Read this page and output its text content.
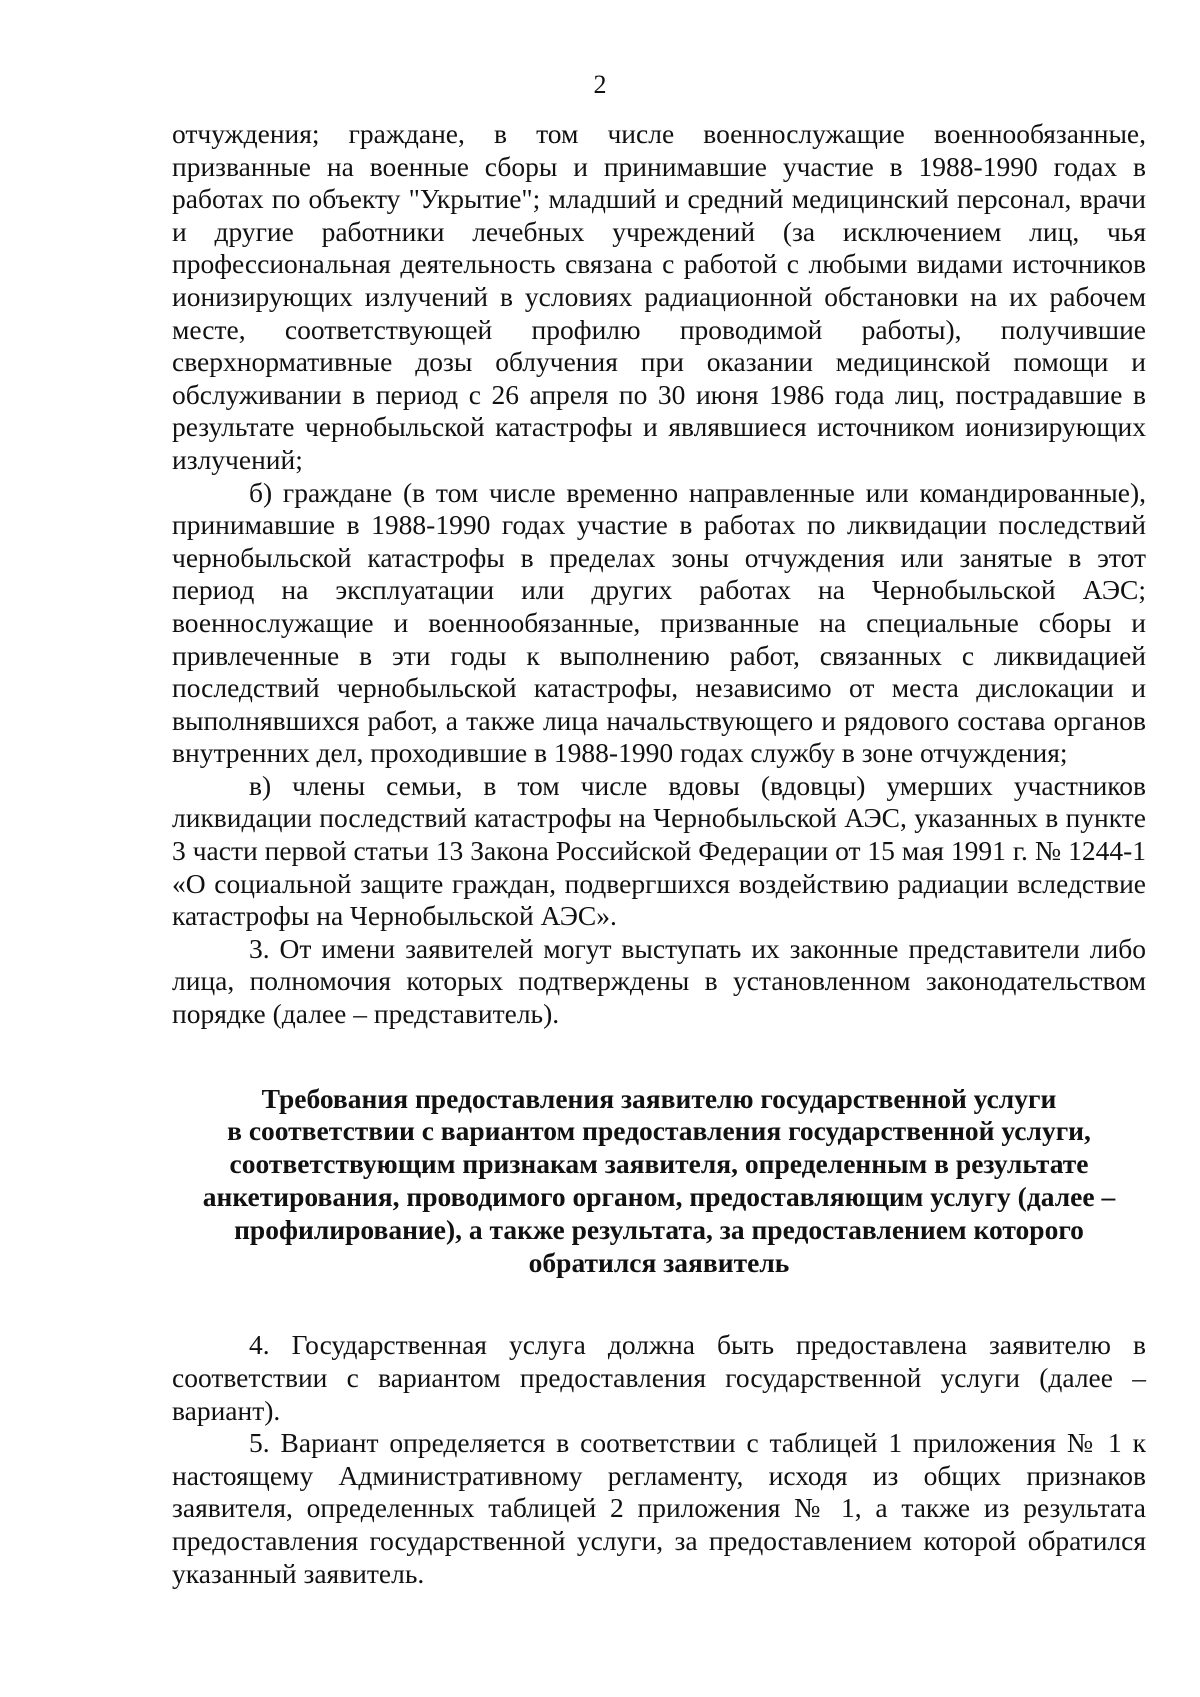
2

отчуждения; граждане, в том числе военнослужащие военнообязанные, призванные на военные сборы и принимавшие участие в 1988-1990 годах в работах по объекту "Укрытие"; младший и средний медицинский персонал, врачи и другие работники лечебных учреждений (за исключением лиц, чья профессиональная деятельность связана с работой с любыми видами источников ионизирующих излучений в условиях радиационной обстановки на их рабочем месте, соответствующей профилю проводимой работы), получившие сверхнормативные дозы облучения при оказании медицинской помощи и обслуживании в период с 26 апреля по 30 июня 1986 года лиц, пострадавшие в результате чернобыльской катастрофы и являвшиеся источником ионизирующих излучений;

б) граждане (в том числе временно направленные или командированные), принимавшие в 1988-1990 годах участие в работах по ликвидации последствий чернобыльской катастрофы в пределах зоны отчуждения или занятые в этот период на эксплуатации или других работах на Чернобыльской АЭС; военнослужащие и военнообязанные, призванные на специальные сборы и привлеченные в эти годы к выполнению работ, связанных с ликвидацией последствий чернобыльской катастрофы, независимо от места дислокации и выполнявшихся работ, а также лица начальствующего и рядового состава органов внутренних дел, проходившие в 1988-1990 годах службу в зоне отчуждения;

в) члены семьи, в том числе вдовы (вдовцы) умерших участников ликвидации последствий катастрофы на Чернобыльской АЭС, указанных в пункте 3 части первой статьи 13 Закона Российской Федерации от 15 мая 1991 г. № 1244-1 «О социальной защите граждан, подвергшихся воздействию радиации вследствие катастрофы на Чернобыльской АЭС».

3. От имени заявителей могут выступать их законные представители либо лица, полномочия которых подтверждены в установленном законодательством порядке (далее – представитель).

Требования предоставления заявителю государственной услуги
в соответствии с вариантом предоставления государственной услуги,
соответствующим признакам заявителя, определенным в результате
анкетирования, проводимого органом, предоставляющим услугу (далее –
профилирование), а также результата, за предоставлением которого
обратился заявитель

4. Государственная услуга должна быть предоставлена заявителю в соответствии с вариантом предоставления государственной услуги (далее – вариант).

5. Вариант определяется в соответствии с таблицей 1 приложения № 1 к настоящему Административному регламенту, исходя из общих признаков заявителя, определенных таблицей 2 приложения № 1, а также из результата предоставления государственной услуги, за предоставлением которой обратился указанный заявитель.
